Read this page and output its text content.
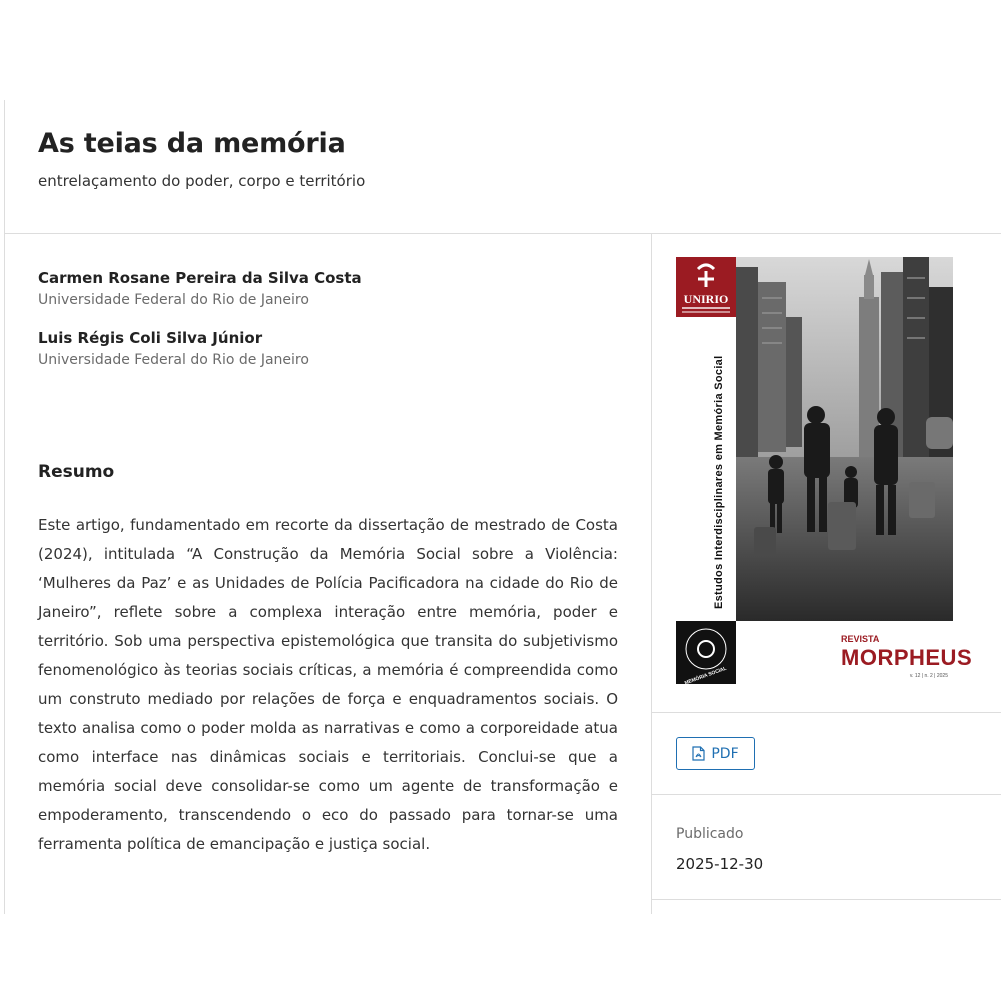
As teias da memória

entrelaçamento do poder, corpo e território

Carmen Rosane Pereira da Silva Costa
Universidade Federal do Rio de Janeiro
Luis Régis Coli Silva Júnior
Universidade Federal do Rio de Janeiro
Resumo

Este artigo, fundamentado em recorte da dissertação de mestrado de Costa (2024), intitulada “A Construção da Memória Social sobre a Violência: ‘Mulheres da Paz’ e as Unidades de Polícia Pacificadora na cidade do Rio de Janeiro”, reflete sobre a complexa interação entre memória, poder e território. Sob uma perspectiva epistemológica que transita do subjetivismo fenomenológico às teorias sociais críticas, a memória é compreendida como um construto mediado por relações de força e enquadramentos sociais. O texto analisa como o poder molda as narrativas e como a corporeidade atua como interface nas dinâmicas sociais e territoriais. Conclui-se que a memória social deve consolidar-se como um agente de transformação e empoderamento, transcendendo o eco do passado para tornar-se uma ferramenta política de emancipação e justiça social.

UNIRIO
Estudos Interdisciplinares em Memória Social
MEMÓRIA SOCIAL
REVISTA
MORPHEUS
v. 12 | n. 2 | 2025
PDF
Publicado
2025-12-30
